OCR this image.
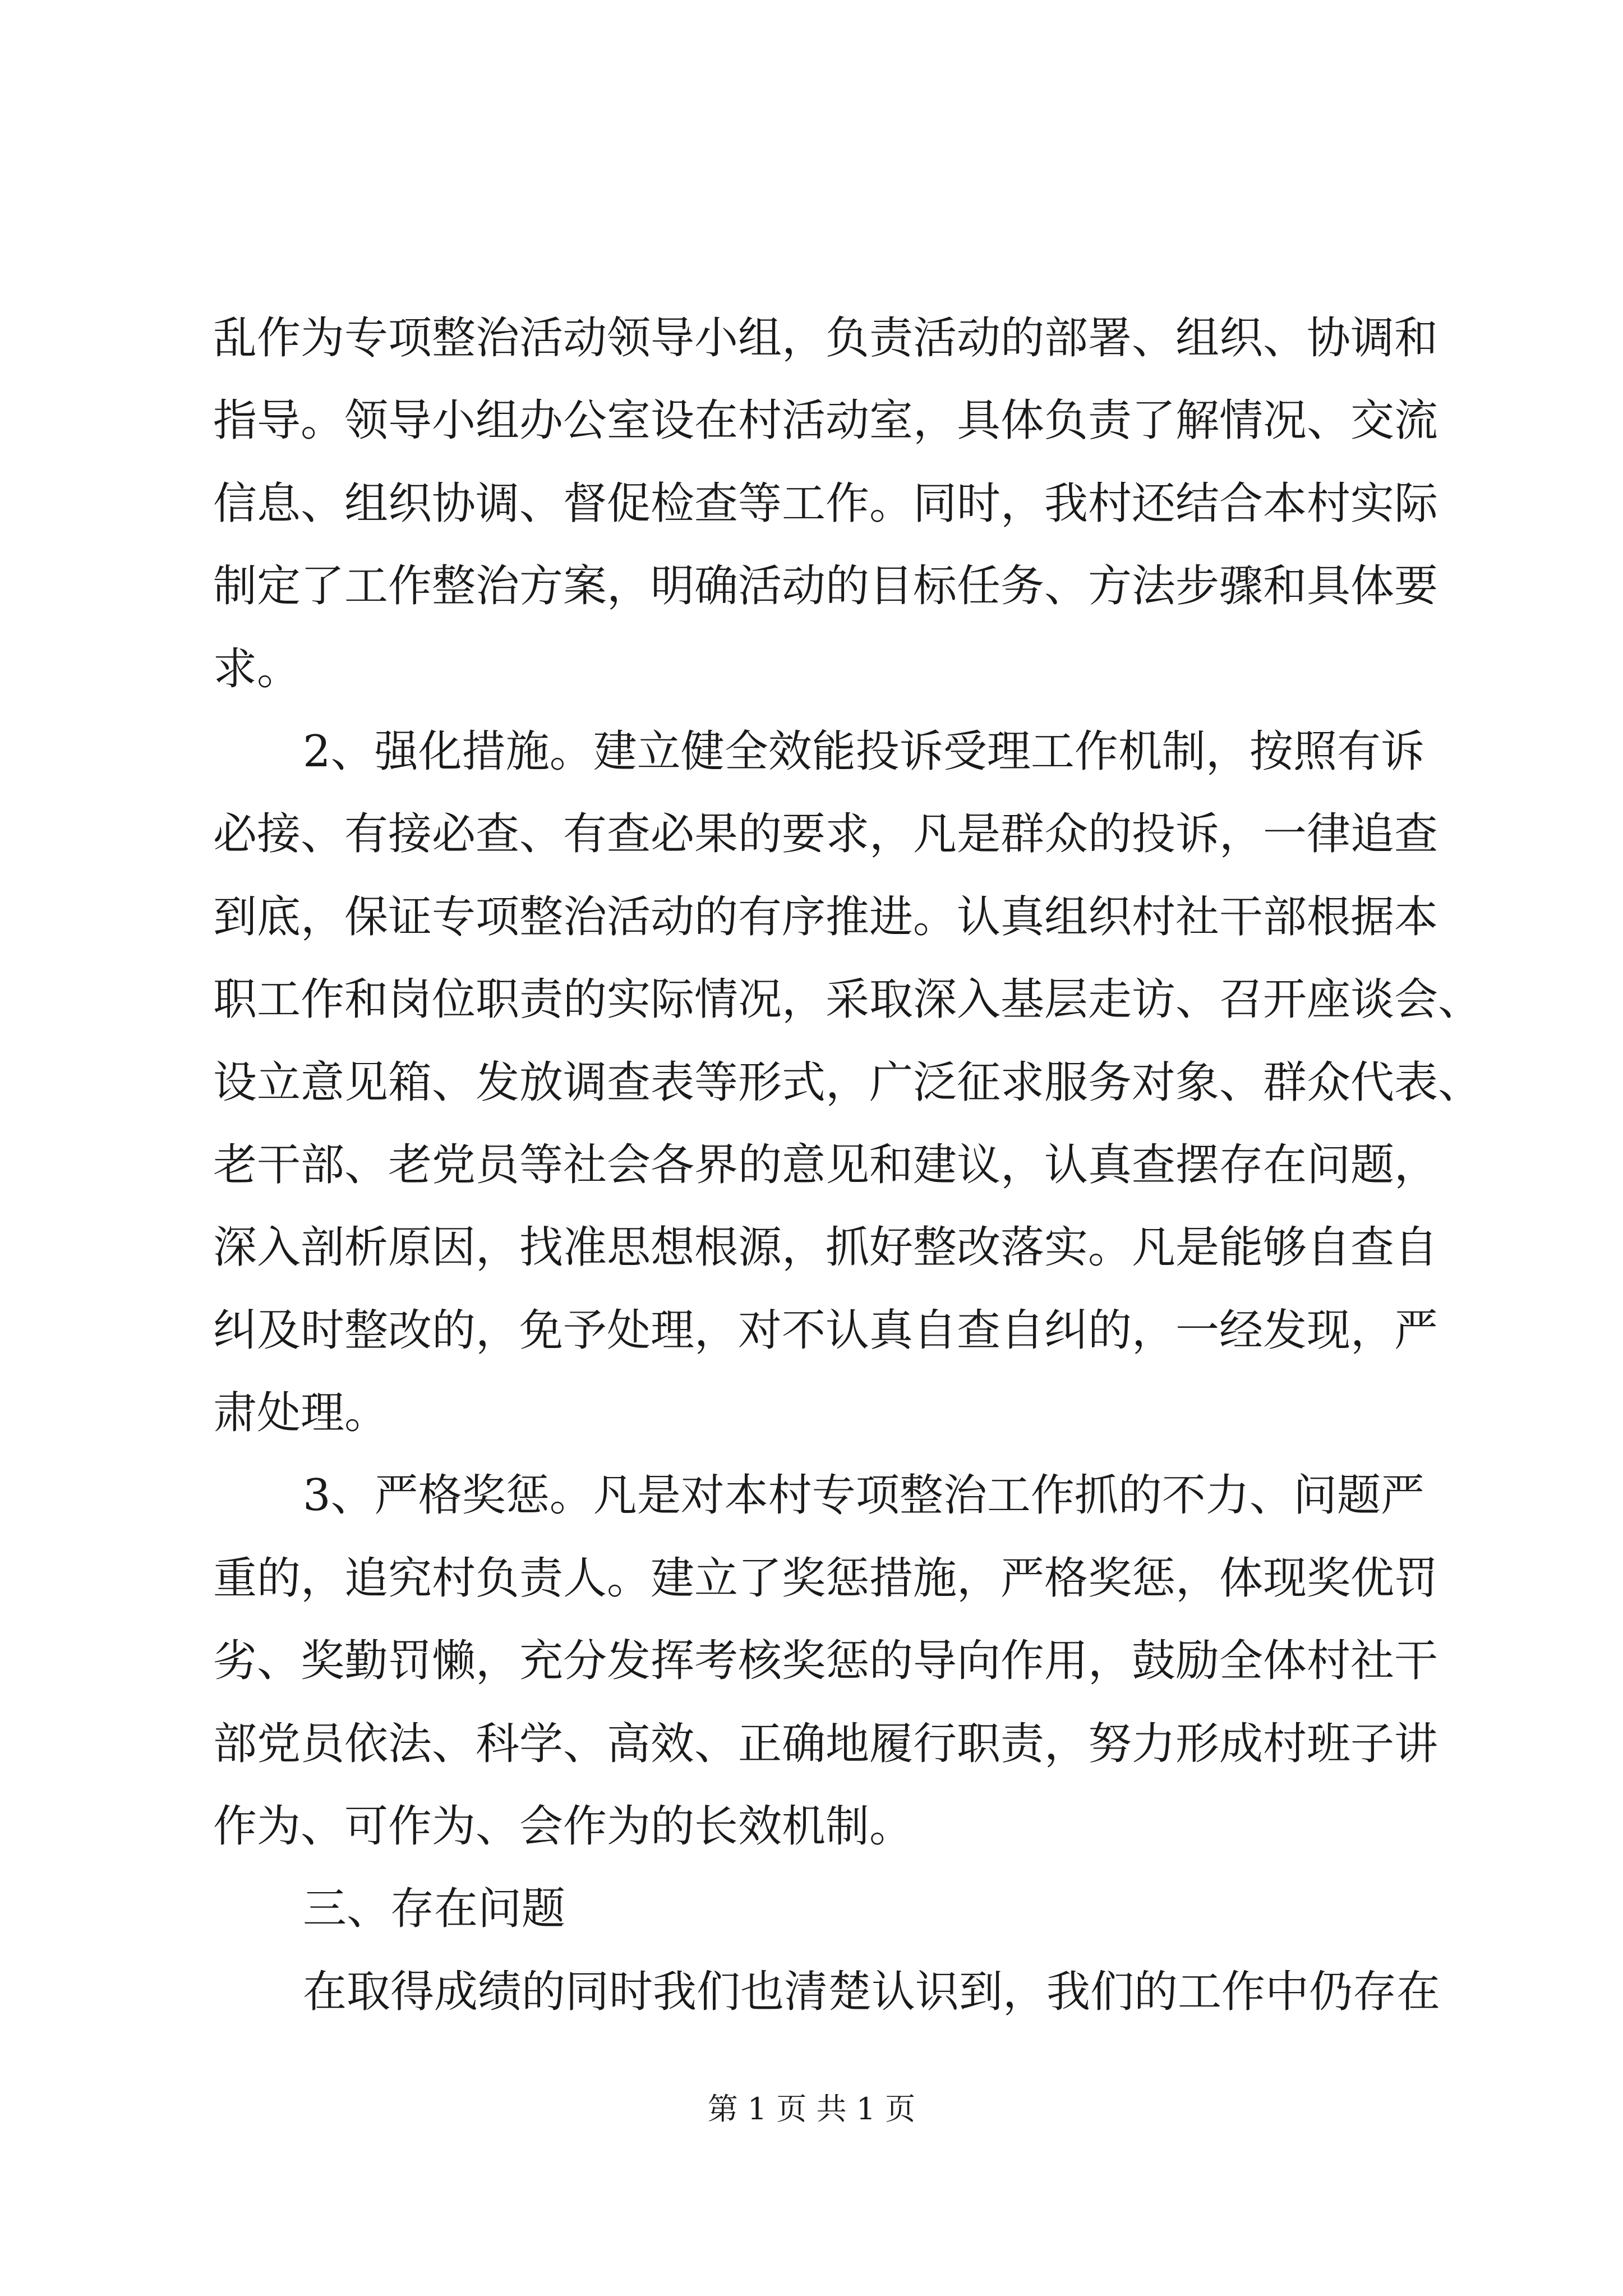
乱作为专项整治活动领导小组，负责活动的部署、组织、协调和
指导。领导小组办公室设在村活动室，具体负责了解情况、交流
信息、组织协调、督促检查等工作。同时，我村还结合本村实际
制定了工作整治方案，明确活动的目标任务、方法步骤和具体要
求。
2、强化措施。建立健全效能投诉受理工作机制，按照有诉
必接、有接必查、有查必果的要求，凡是群众的投诉，一律追查
到底，保证专项整治活动的有序推进。认真组织村社干部根据本
职工作和岗位职责的实际情况，采取深入基层走访、召开座谈会、
设立意见箱、发放调查表等形式，广泛征求服务对象、群众代表、
老干部、老党员等社会各界的意见和建议，认真查摆存在问题，
深入剖析原因，找准思想根源，抓好整改落实。凡是能够自查自
纠及时整改的，免予处理，对不认真自查自纠的，一经发现，严
肃处理。
3、严格奖惩。凡是对本村专项整治工作抓的不力、问题严
重的，追究村负责人。建立了奖惩措施，严格奖惩，体现奖优罚
劣、奖勤罚懒，充分发挥考核奖惩的导向作用，鼓励全体村社干
部党员依法、科学、高效、正确地履行职责，努力形成村班子讲
作为、可作为、会作为的长效机制。
三、存在问题
在取得成绩的同时我们也清楚认识到，我们的工作中仍存在
第 1 页 共 1 页
